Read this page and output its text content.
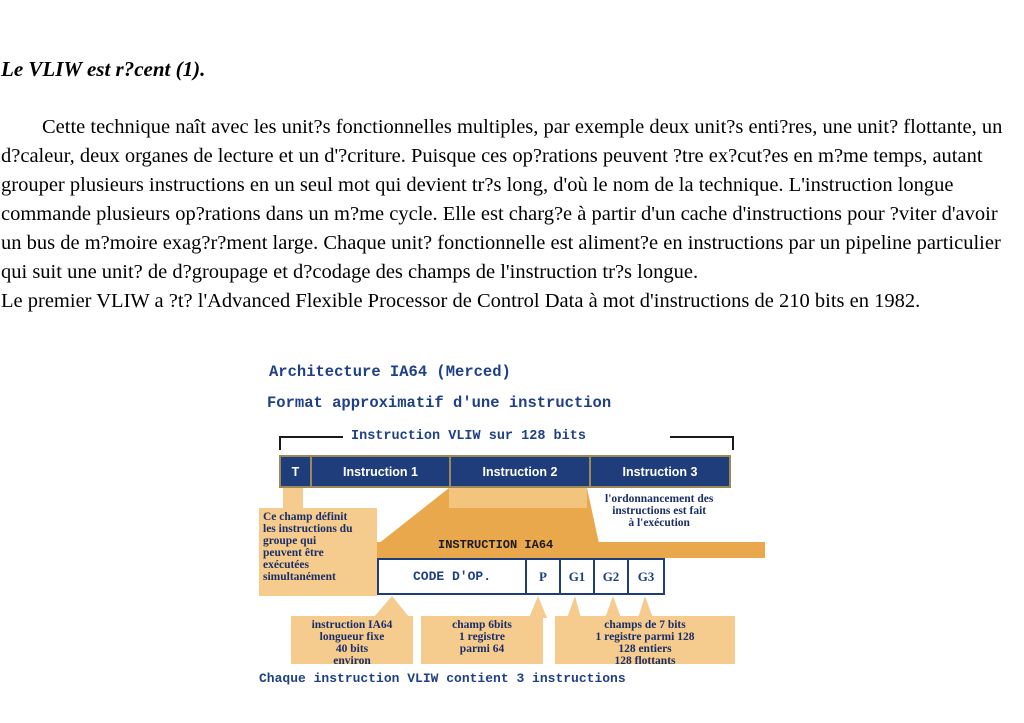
Le VLIW est r?cent (1).

Cette technique naît avec les unit?s fonctionnelles multiples, par exemple deux unit?s enti?res, une unit? flottante, un d?caleur, deux organes de lecture et un d'?criture. Puisque ces op?rations peuvent ?tre ex?cut?es en m?me temps, autant grouper plusieurs instructions en un seul mot qui devient tr?s long, d'où le nom de la technique. L'instruction longue commande plusieurs op?rations dans un m?me cycle. Elle est charg?e à partir d'un cache d'instructions pour ?viter d'avoir un bus de m?moire exag?r?ment large. Chaque unit? fonctionnelle est aliment?e en instructions par un pipeline particulier qui suit une unit? de d?groupage et d?codage des champs de l'instruction tr?s longue.

Le premier VLIW a ?t? l'Advanced Flexible Processor de Control Data à mot d'instructions de 210 bits en 1982.

Architecture IA64 (Merced)
Format approximatif d'une instruction
Instruction VLIW sur 128 bits
T	Instruction 1	Instruction 2	Instruction 3
Ce champ définit
les instructions du
groupe qui
peuvent être
exécutées
simultanément
l'ordonnancement des
instructions est fait
à l'exécution
INSTRUCTION IA64
CODE D'OP.	P	G1	G2	G3
instruction IA64
longueur fixe
40 bits
environ
champ 6bits
1 registre
parmi 64
champs de 7 bits
1 registre parmi 128
128 entiers
128 flottants
Chaque instruction VLIW contient 3 instructions
